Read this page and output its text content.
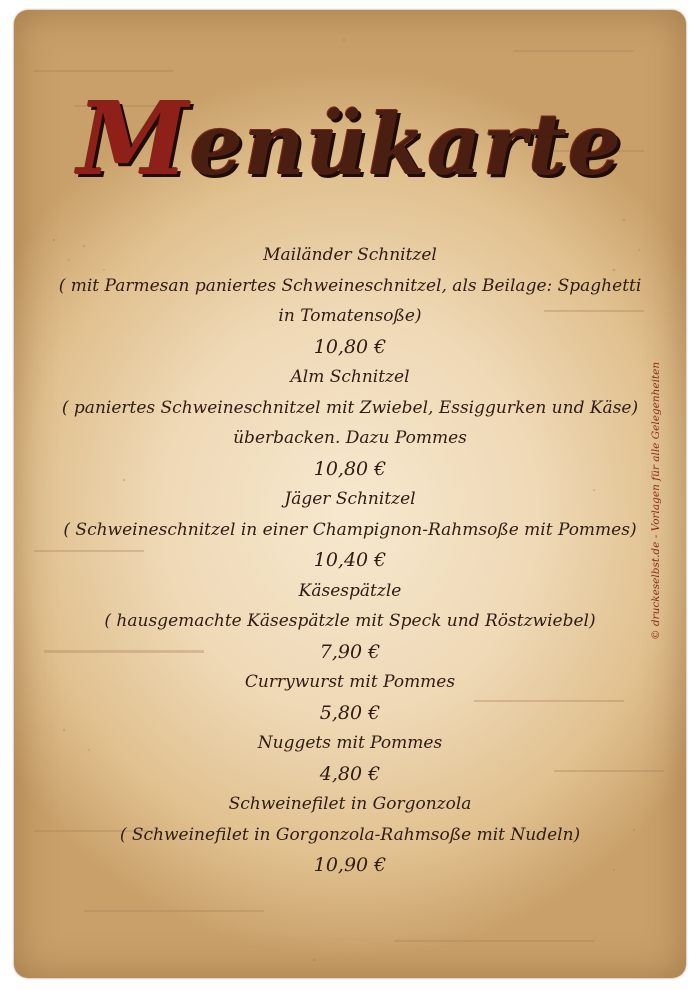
Menükarte
Mailänder Schnitzel
( mit Parmesan paniertes Schweineschnitzel, als Beilage: Spaghetti
in Tomatensoße)
10,80 €
Alm Schnitzel
( paniertes Schweineschnitzel mit Zwiebel, Essiggurken und Käse)
überbacken. Dazu Pommes
10,80 €
Jäger Schnitzel
( Schweineschnitzel in einer Champignon-Rahmsoße mit Pommes)
10,40 €
Käsespätzle
( hausgemachte Käsespätzle mit Speck und Röstzwiebel)
7,90 €
Currywurst mit Pommes
5,80 €
Nuggets mit Pommes
4,80 €
Schweinefilet in Gorgonzola
( Schweinefilet in Gorgonzola-Rahmsoße mit Nudeln)
10,90 €
© druckeselbst.de - Vorlagen für alle Gelegenheiten
